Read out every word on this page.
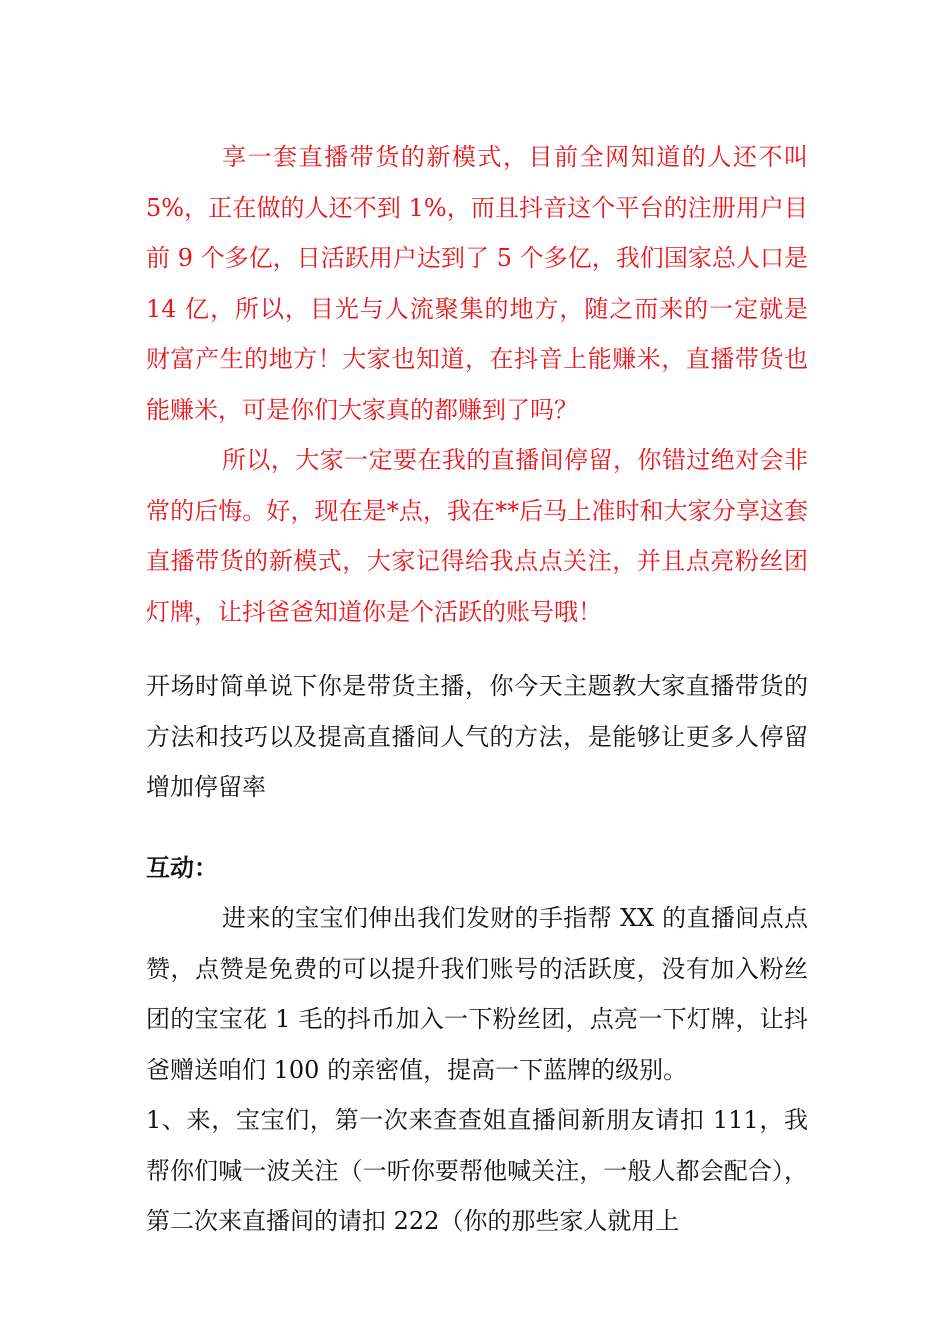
享一套直播带货的新模式，目前全网知道的人还不叫 5%，正在做的人还不到 1%，而且抖音这个平台的注册用户目前 9 个多亿，日活跃用户达到了 5 个多亿，我们国家总人口是 14 亿，所以，目光与人流聚集的地方，随之而来的一定就是财富产生的地方！大家也知道，在抖音上能赚米，直播带货也能赚米，可是你们大家真的都赚到了吗？

所以，大家一定要在我的直播间停留，你错过绝对会非常的后悔。好，现在是*点，我在**后马上准时和大家分享这套直播带货的新模式，大家记得给我点点关注，并且点亮粉丝团灯牌，让抖爸爸知道你是个活跃的账号哦！

开场时简单说下你是带货主播，你今天主题教大家直播带货的方法和技巧以及提高直播间人气的方法，是能够让更多人停留增加停留率

互动：

进来的宝宝们伸出我们发财的手指帮 XX 的直播间点点赞，点赞是免费的可以提升我们账号的活跃度，没有加入粉丝团的宝宝花 1 毛的抖币加入一下粉丝团，点亮一下灯牌，让抖爸赠送咱们 100 的亲密值，提高一下蓝牌的级别。

1、来，宝宝们，第一次来查查姐直播间新朋友请扣 111，我帮你们喊一波关注（一听你要帮他喊关注，一般人都会配合），第二次来直播间的请扣 222（你的那些家人就用上
